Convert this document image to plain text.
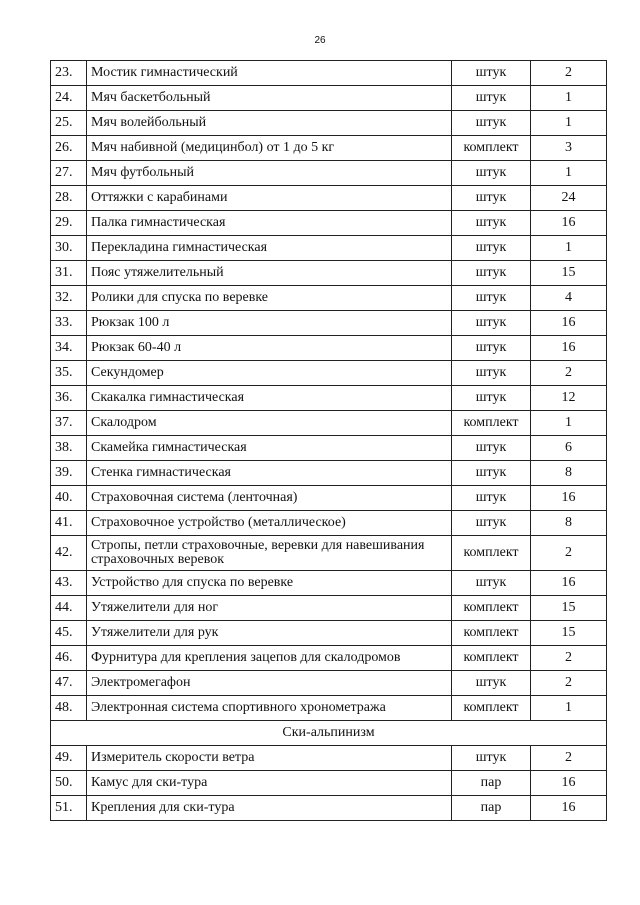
26
23.	Мостик гимнастический	штук	2
24.	Мяч баскетбольный	штук	1
25.	Мяч волейбольный	штук	1
26.	Мяч набивной (медицинбол) от 1 до 5 кг	комплект	3
27.	Мяч футбольный	штук	1
28.	Оттяжки с карабинами	штук	24
29.	Палка гимнастическая	штук	16
30.	Перекладина гимнастическая	штук	1
31.	Пояс утяжелительный	штук	15
32.	Ролики для спуска по веревке	штук	4
33.	Рюкзак 100 л	штук	16
34.	Рюкзак 60-40 л	штук	16
35.	Секундомер	штук	2
36.	Скакалка гимнастическая	штук	12
37.	Скалодром	комплект	1
38.	Скамейка гимнастическая	штук	6
39.	Стенка гимнастическая	штук	8
40.	Страховочная система (ленточная)	штук	16
41.	Страховочное устройство (металлическое)	штук	8
42.	Стропы, петли страховочные, веревки для навешивания страховочных веревок	комплект	2
43.	Устройство для спуска по веревке	штук	16
44.	Утяжелители для ног	комплект	15
45.	Утяжелители для рук	комплект	15
46.	Фурнитура для крепления зацепов для скалодромов	комплект	2
47.	Электромегафон	штук	2
48.	Электронная система спортивного хронометража	комплект	1
Ски-альпинизм			
49.	Измеритель скорости ветра	штук	2
50.	Камус для ски-тура	пар	16
51.	Крепления для ски-тура	пар	16
